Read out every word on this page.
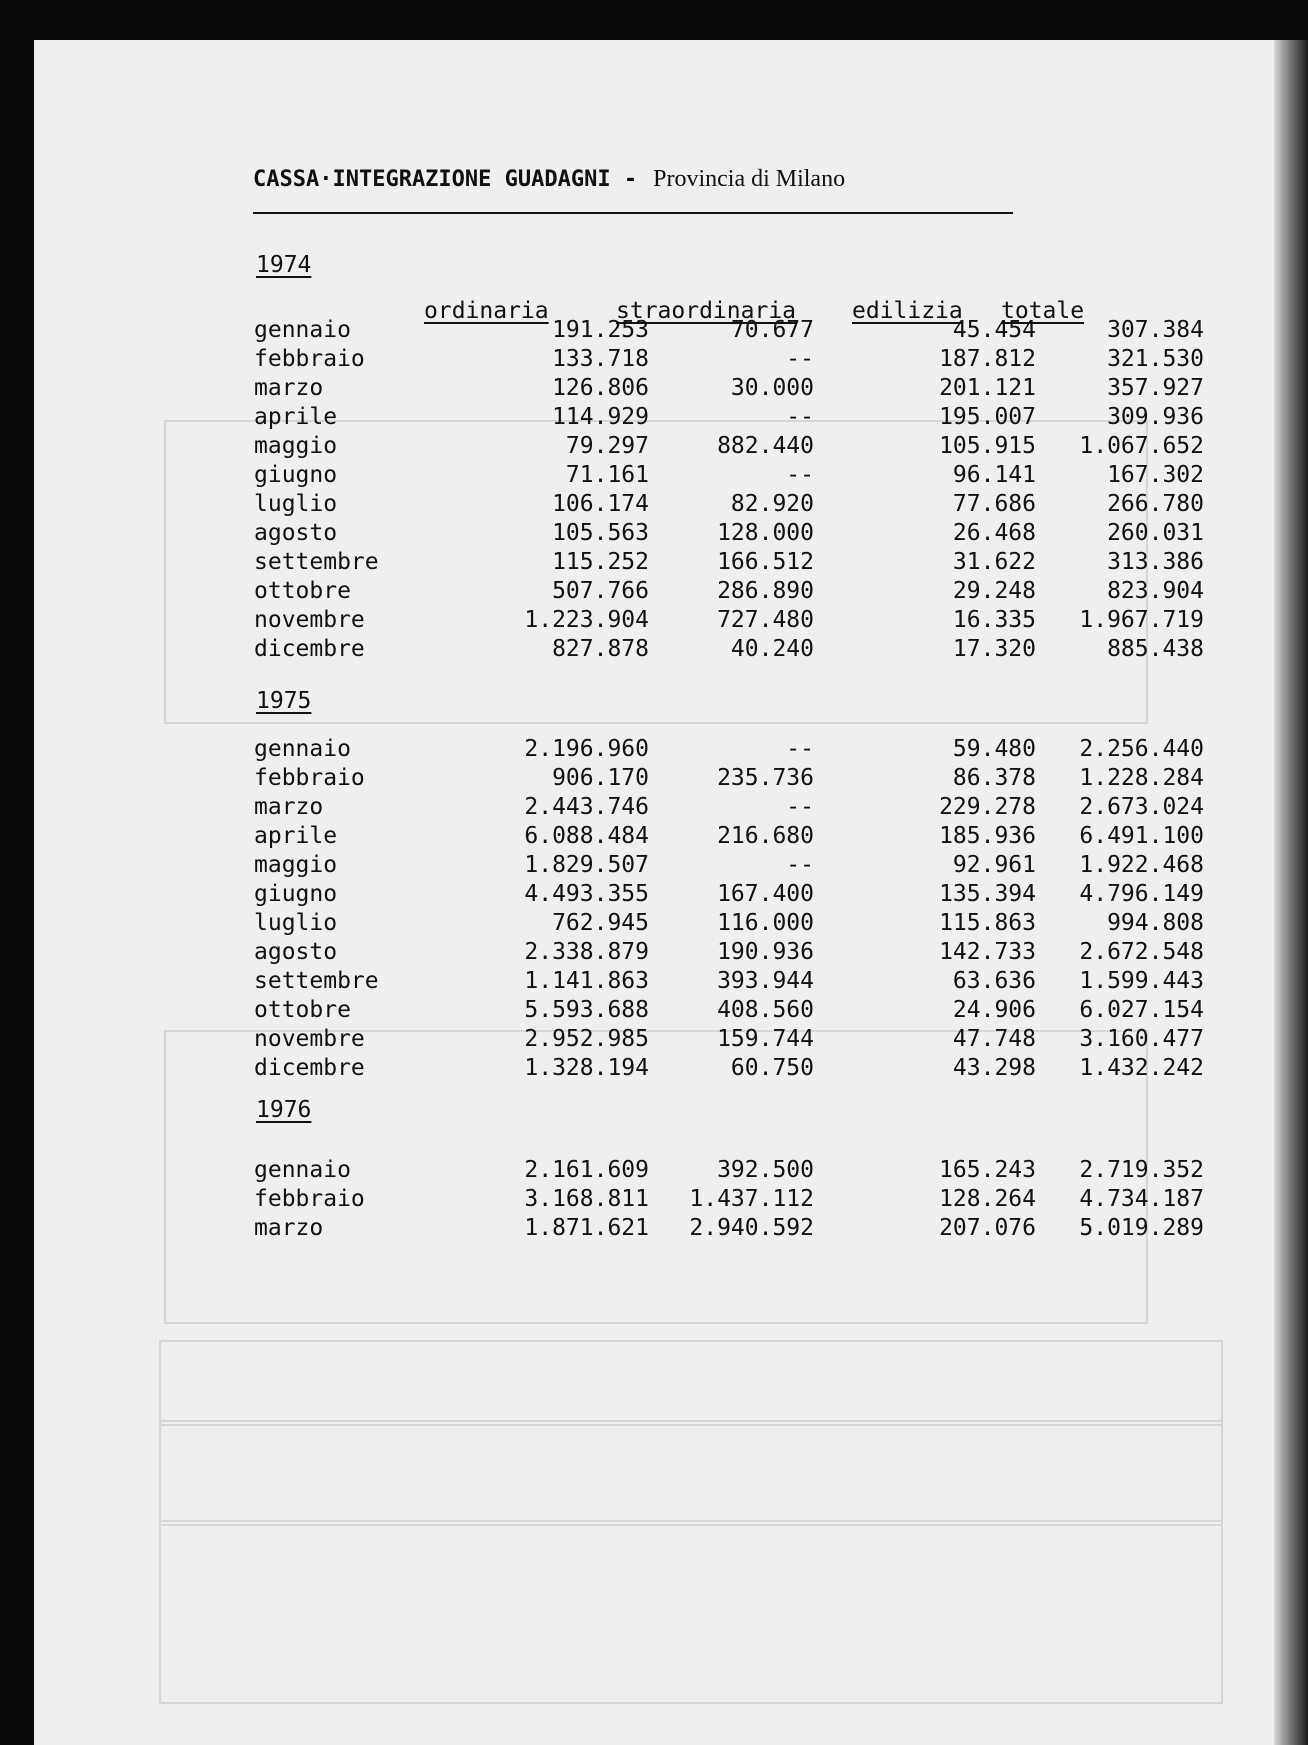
CASSA·INTEGRAZIONE GUADAGNI - Provincia di Milano
ordinaria	straordinaria edilizia totale
1974
gennaio	191.253	70.677	45.454	307.384
febbraio	133.718	--	187.812	321.530
marzo	126.806	30.000	201.121	357.927
aprile	114.929	--	195.007	309.936
maggio	79.297	882.440	105.915 1.067.652
giugno	71.161	--	96.141	167.302
luglio	106.174	82.920	77.686	266.780
agosto	105.563	128.000	26.468	260.031
settembre	115.252	166.512	31.622	313.386
ottobre	507.766	286.890	29.248	823.904
novembre	1.223.904	727.480	16.335 1.967.719
dicembre	827.878	40.240	17.320	885.438
1975
gennaio	2.196.960	--	59.480 2.256.440
febbraio	906.170	235.736	86.378 1.228.284
marzo	2.443.746	--	229.278 2.673.024
aprile	6.088.484	216.680	185.936 6.491.100
maggio	1.829.507	--	92.961 1.922.468
giugno	4.493.355	167.400	135.394 4.796.149
luglio	762.945	116.000	115.863	994.808
agosto	2.338.879	190.936	142.733 2.672.548
settembre	1.141.863	393.944	63.636 1.599.443
ottobre	5.593.688	408.560	24.906 6.027.154
novembre	2.952.985	159.744	47.748 3.160.477
dicembre	1.328.194	60.750	43.298 1.432.242
1976
gennaio	2.161.609	392.500	165.243 2.719.352
febbraio	3.168.811 1.437.112	128.264 4.734.187
marzo	1.871.621 2.940.592	207.076 5.019.289
